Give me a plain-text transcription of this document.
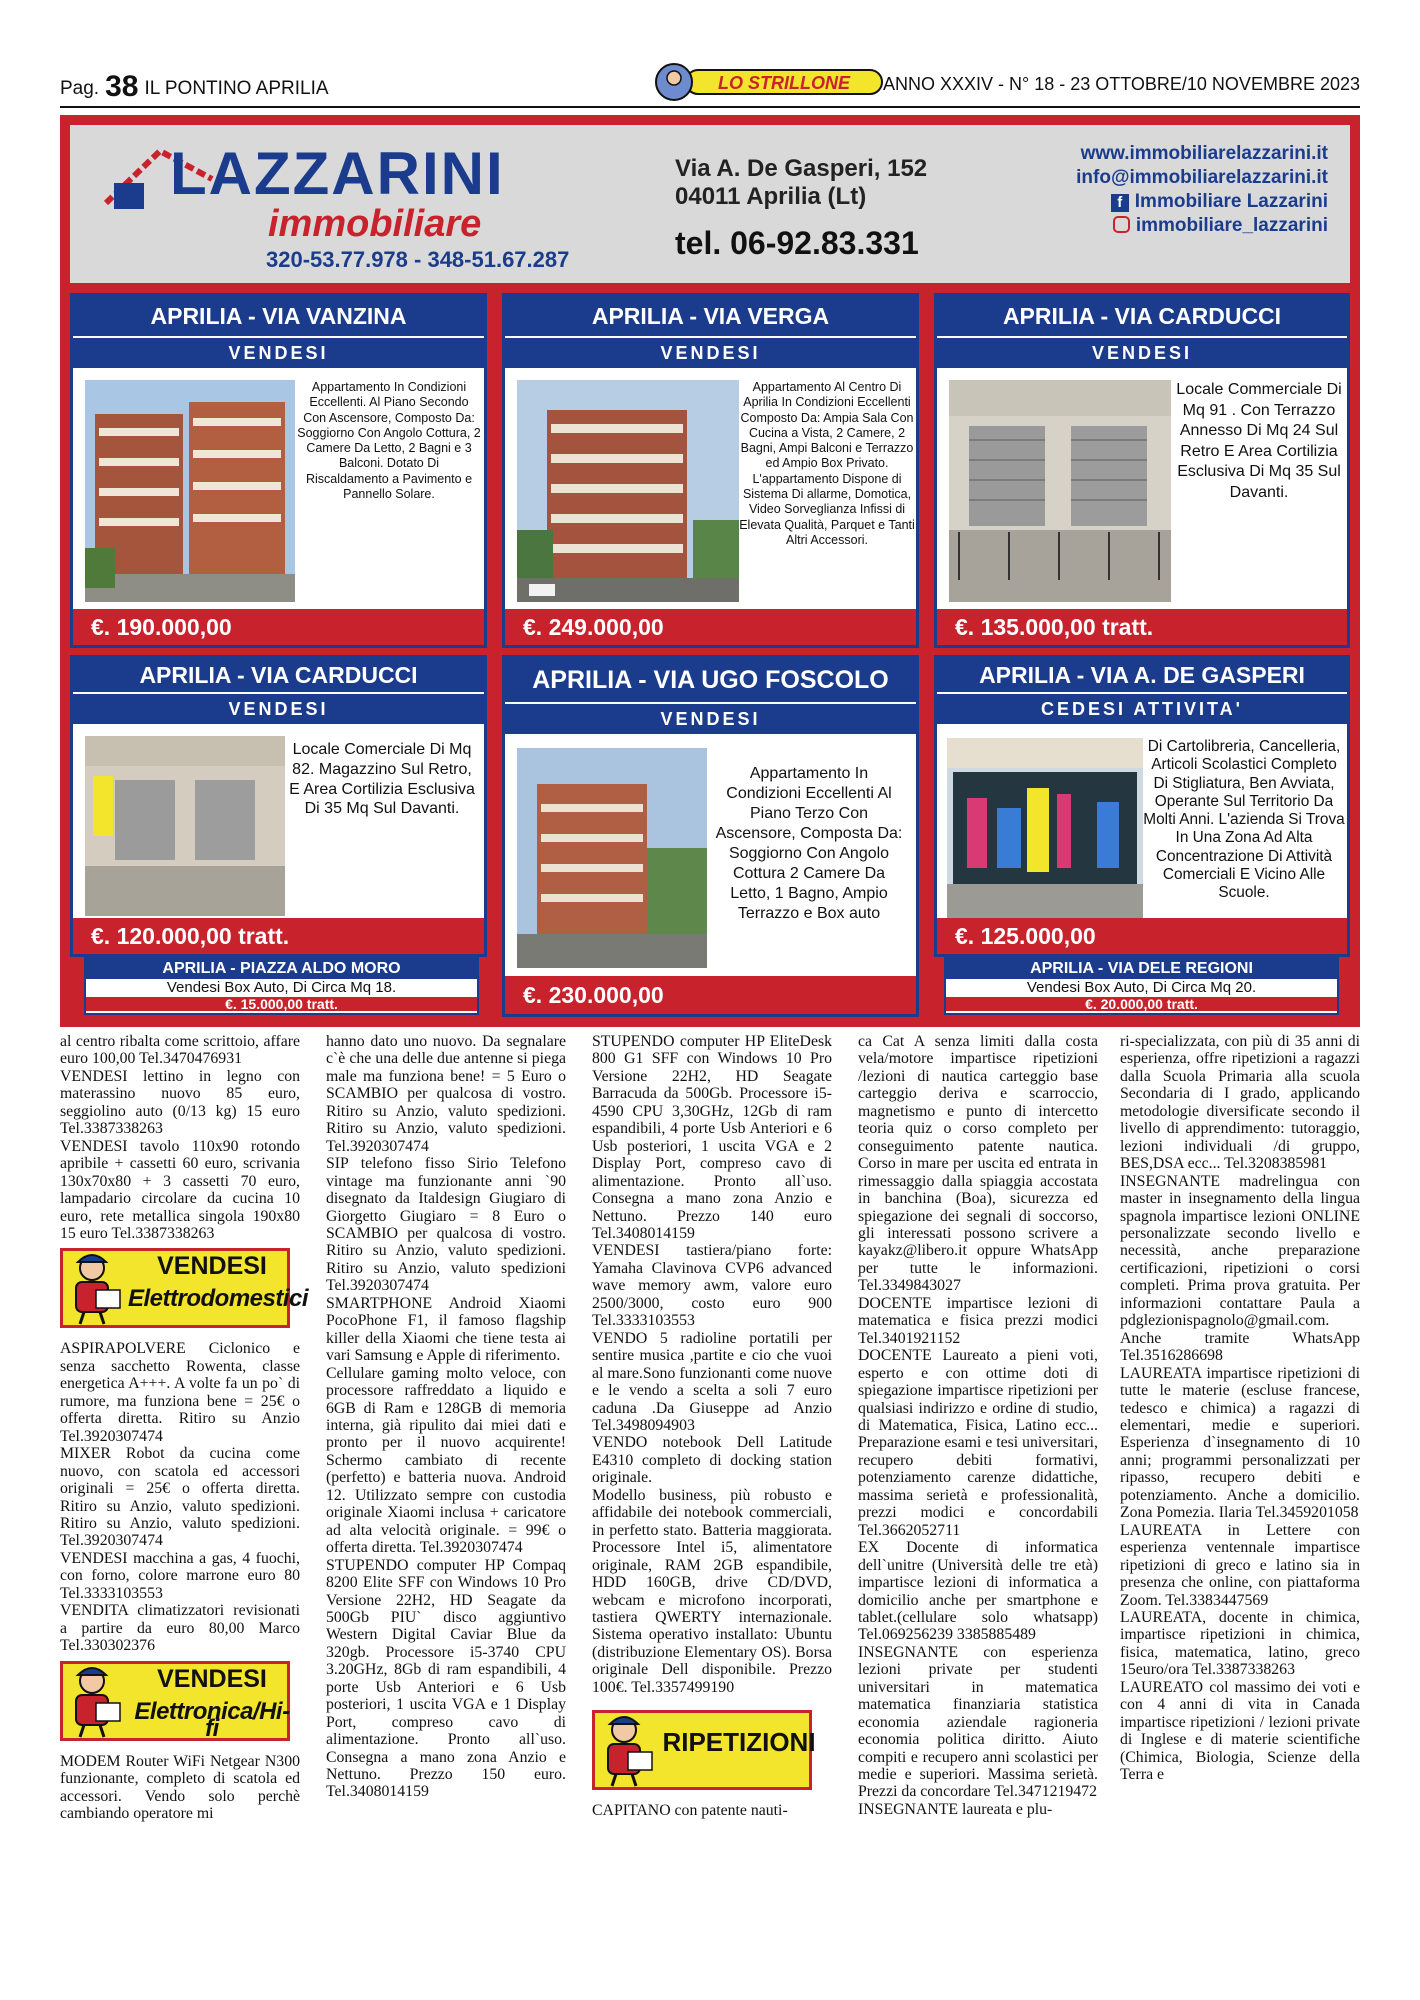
Pag. 38 IL PONTINO APRILIA	LO STRILLONE ANNO XXXIV - N° 18 - 23 OTTOBRE/10 NOVEMBRE 2023
LAZZARINI
immobiliare
320-53.77.978 - 348-51.67.287
Via A. De Gasperi, 152
04011 Aprilia (Lt)
tel. 06-92.83.331
www.immobiliarelazzarini.it
info@immobiliarelazzarini.it
f Immobiliare Lazzarini
immobiliare_lazzarini
APRILIA - VIA VANZINA
VENDESI
Appartamento In Condizioni Eccellenti. Al Piano Secondo Con Ascensore, Composto Da: Soggiorno Con Angolo Cottura, 2 Camere Da Letto, 2 Bagni e 3 Balconi. Dotato Di Riscaldamento a Pavimento e Pannello Solare.
€. 190.000,00
APRILIA - VIA VERGA
VENDESI
Appartamento Al Centro Di Aprilia In Condizioni Eccellenti Composto Da: Ampia Sala Con Cucina a Vista, 2 Camere, 2 Bagni, Ampi Balconi e Terrazzo ed Ampio Box Privato. L'appartamento Dispone di Sistema Di allarme, Domotica, Video Sorveglianza Infissi di Elevata Qualità, Parquet e Tanti Altri Accessori.
€. 249.000,00
APRILIA - VIA CARDUCCI
VENDESI
Locale Commerciale Di Mq 91 . Con Terrazzo Annesso Di Mq 24 Sul Retro E Area Cortilizia Esclusiva Di Mq 35 Sul Davanti.
€. 135.000,00 tratt.
APRILIA - VIA CARDUCCI
VENDESI
Locale Comerciale Di Mq 82. Magazzino Sul Retro, E Area Cortilizia Esclusiva Di 35 Mq Sul Davanti.
€. 120.000,00 tratt.
APRILIA - VIA UGO FOSCOLO
VENDESI
Appartamento In Condizioni Eccellenti Al Piano Terzo Con Ascensore, Composta Da: Soggiorno Con Angolo Cottura 2 Camere Da Letto, 1 Bagno, Ampio Terrazzo e Box auto
€. 230.000,00
APRILIA - VIA A. DE GASPERI
CEDESI ATTIVITA'
Di Cartolibreria, Cancelleria, Articoli Scolastici Completo Di Stigliatura, Ben Avviata, Operante Sul Territorio Da Molti Anni. L'azienda Si Trova In Una Zona Ad Alta Concentrazione Di Attività Comerciali E Vicino Alle Scuole.
€. 125.000,00
APRILIA - PIAZZA ALDO MORO
Vendesi Box Auto, Di Circa Mq 18.
€. 15.000,00 tratt.
APRILIA - VIA DELE REGIONI
Vendesi Box Auto, Di Circa Mq 20.
€. 20.000,00 tratt.

al centro ribalta come scrittoio, affare euro 100,00 Tel.3470476931

VENDESI lettino in legno con materassino nuovo 85 euro, seggiolino auto (0/13 kg) 15 euro Tel.3387338263

VENDESI tavolo 110x90 rotondo apribile + cassetti 60 euro, scrivania 130x70x80 + 3 cassetti 70 euro, lampadario circolare da cucina 10 euro, rete metallica singola 190x80 15 euro Tel.3387338263

VENDESI
Elettrodomestici

ASPIRAPOLVERE Ciclonico e senza sacchetto Rowenta, classe energetica A+++. A volte fa un po` di rumore, ma funziona bene = 25€ o offerta diretta. Ritiro su Anzio Tel.3920307474

MIXER Robot da cucina come nuovo, con scatola ed accessori originali = 25€ o offerta diretta. Ritiro su Anzio, valuto spedizioni. Ritiro su Anzio, valuto spedizioni. Tel.3920307474

VENDESI macchina a gas, 4 fuochi, con forno, colore marrone euro 80 Tel.3333103553

VENDITA climatizzatori revisionati a partire da euro 80,00 Marco Tel.330302376

VENDESI
Elettronica/Hi-fi

MODEM Router WiFi Netgear N300 funzionante, completo di scatola ed accessori. Vendo solo perchè cambiando operatore mi

hanno dato uno nuovo. Da segnalare c`è che una delle due antenne si piega male ma funziona bene! = 5 Euro o SCAMBIO per qualcosa di vostro. Ritiro su Anzio, valuto spedizioni. Ritiro su Anzio, valuto spedizioni. Tel.3920307474

SIP telefono fisso Sirio Telefono vintage ma funzionante anni `90 disegnato da Italdesign Giugiaro di Giorgetto Giugiaro = 8 Euro o SCAMBIO per qualcosa di vostro. Ritiro su Anzio, valuto spedizioni. Ritiro su Anzio, valuto spedizioni Tel.3920307474

SMARTPHONE Android Xiaomi PocoPhone F1, il famoso flagship killer della Xiaomi che tiene testa ai vari Samsung e Apple di riferimento.

Cellulare gaming molto veloce, con processore raffreddato a liquido e 6GB di Ram e 128GB di memoria interna, già ripulito dai miei dati e pronto per il nuovo acquirente! Schermo cambiato di recente (perfetto) e batteria nuova. Android 12. Utilizzato sempre con custodia originale Xiaomi inclusa + caricatore ad alta velocità originale. = 99€ o offerta diretta. Tel.3920307474

STUPENDO computer HP Compaq 8200 Elite SFF con Windows 10 Pro Versione 22H2, HD Seagate da 500Gb PIU` disco aggiuntivo Western Digital Caviar Blue da 320gb. Processore i5-3740 CPU 3.20GHz, 8Gb di ram espandibili, 4 porte Usb Anteriori e 6 Usb posteriori, 1 uscita VGA e 1 Display Port, compreso cavo di alimentazione. Pronto all`uso. Consegna a mano zona Anzio e Nettuno. Prezzo 150 euro. Tel.3408014159

STUPENDO computer HP EliteDesk 800 G1 SFF con Windows 10 Pro Versione 22H2, HD Seagate Barracuda da 500Gb. Processore i5-4590 CPU 3,30GHz, 12Gb di ram espandibili, 4 porte Usb Anteriori e 6 Usb posteriori, 1 uscita VGA e 2 Display Port, compreso cavo di alimentazione. Pronto all`uso. Consegna a mano zona Anzio e Nettuno. Prezzo 140 euro Tel.3408014159

VENDESI tastiera/piano forte: Yamaha Clavinova CVP6 advanced wave memory awm, valore euro 2500/3000, costo euro 900 Tel.3333103553

VENDO 5 radioline portatili per sentire musica ,partite e cio che vuoi al mare.Sono funzionanti come nuove e le vendo a scelta a soli 7 euro caduna .Da Giuseppe ad Anzio Tel.3498094903

VENDO notebook Dell Latitude E4310 completo di docking station originale.

Modello business, più robusto e affidabile dei notebook commerciali, in perfetto stato. Batteria maggiorata. Processore Intel i5, alimentatore originale, RAM 2GB espandibile, HDD 160GB, drive CD/DVD, webcam e microfono incorporati, tastiera QWERTY internazionale. Sistema operativo installato: Ubuntu (distribuzione Elementary OS). Borsa originale Dell disponibile. Prezzo 100€. Tel.3357499190

RIPETIZIONI

CAPITANO con patente nauti-

ca Cat A senza limiti dalla costa vela/motore impartisce ripetizioni /lezioni di nautica carteggio base carteggio deriva e scarroccio, magnetismo e punto di intercetto teoria quiz o corso completo per conseguimento patente nautica. Corso in mare per uscita ed entrata in rimessaggio dalla spiaggia accostata in banchina (Boa), sicurezza ed spiegazione dei segnali di soccorso, gli interessati possono scrivere a kayakz@libero.it oppure WhatsApp per tutte le informazioni. Tel.3349843027

DOCENTE impartisce lezioni di matematica e fisica prezzi modici Tel.3401921152

DOCENTE Laureato a pieni voti, esperto e con ottime doti di spiegazione impartisce ripetizioni per qualsiasi indirizzo e ordine di studio, di Matematica, Fisica, Latino ecc... Preparazione esami e tesi universitari, recupero debiti formativi, potenziamento carenze didattiche, massima serietà e professionalità, prezzi modici e concordabili Tel.3662052711

EX Docente di informatica dell`unitre (Università delle tre età) impartisce lezioni di informatica a domicilio anche per smartphone e tablet.(cellulare solo whatsapp) Tel.069256239 3385885489

INSEGNANTE con esperienza lezioni private per studenti universitari in matematica matematica finanziaria statistica economia aziendale ragioneria economia politica diritto. Aiuto compiti e recupero anni scolastici per medie e superiori. Massima serietà. Prezzi da concordare Tel.3471219472

INSEGNANTE laureata e plu-

ri-specializzata, con più di 35 anni di esperienza, offre ripetizioni a ragazzi dalla Scuola Primaria alla scuola Secondaria di I grado, applicando metodologie diversificate secondo il livello di apprendimento: tutoraggio, lezioni individuali /di gruppo, BES,DSA ecc... Tel.3208385981

INSEGNANTE madrelingua con master in insegnamento della lingua spagnola impartisce lezioni ONLINE personalizzate secondo livello e necessità, anche preparazione certificazioni, ripetizioni o corsi completi. Prima prova gratuita. Per informazioni contattare Paula a pdglezionispagnolo@gmail.com. Anche tramite WhatsApp Tel.3516286698

LAUREATA impartisce ripetizioni di tutte le materie (escluse francese, tedesco e chimica) a ragazzi di elementari, medie e superiori. Esperienza d`insegnamento di 10 anni; programmi personalizzati per ripasso, recupero debiti e potenziamento. Anche a domicilio. Zona Pomezia. Ilaria Tel.3459201058

LAUREATA in Lettere con esperienza ventennale impartisce ripetizioni di greco e latino sia in presenza che online, con piattaforma Zoom. Tel.3383447569

LAUREATA, docente in chimica, impartisce ripetizioni in chimica, fisica, matematica, latino, greco 15euro/ora Tel.3387338263

LAUREATO col massimo dei voti e con 4 anni di vita in Canada impartisce ripetizioni / lezioni private di Inglese e di materie scientifiche (Chimica, Biologia, Scienze della Terra e
